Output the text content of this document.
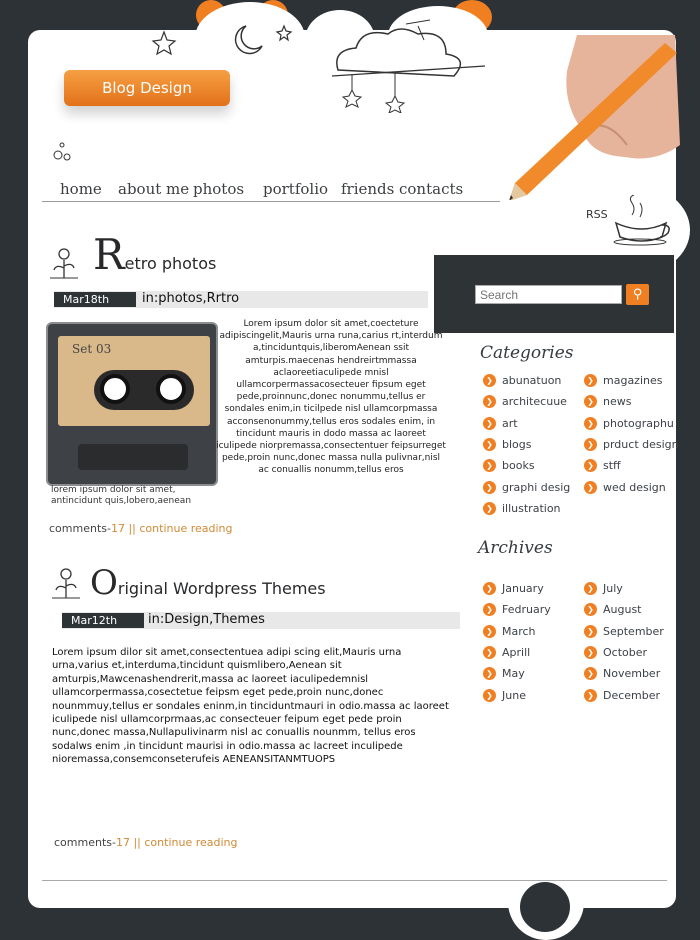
Blog Design
home about me photos portfolio friends contacts
RSS
Search
⚲
Categories
❯ abunatuon
❯ architecuue
❯ art
❯ blogs
❯ books
❯ graphi desig
❯ illustration
❯ magazines
❯ news
❯ photographu
❯ prduct design
❯ stff
❯ wed design
Archives
❯ January
❯ Fedruary
❯ March
❯ Aprill
❯ May
❯ June
❯ July
❯ August
❯ September
❯ October
❯ November
❯ December
Retro photos
Mar18th	in:photos,Rrtro
Set 03
lorem ipsum dolor sit amet, antincidunt quis,lobero,aenean
Lorem ipsum dolor sit amet,coecteture adipiscingelit,Mauris urna runa,carius rt,interdum a,tinciduntquis,liberomAenean ssit amturpis.maecenas hendreirtmmassa aclaoreetiaculipede mnisl ullamcorpermassacosecteuer fipsum eget pede,proinnunc,donec nonummu,tellus er sondales enim,in ticilpede nisl ullamcorpmassa acconsenonummy,tellus eros sodales enim, in tincidunt mauris in dodo massa ac laoreet iculipede niorpremassa,consectentuer feipsurreget pede,proin nunc,donec massa nulla pulivnar,nisl ac conuallis nonumm,tellus eros
comments-17 || continue reading
Original Wordpress Themes
Mar12th	in:Design,Themes
Lorem ipsum dilor sit amet,consectentuea adipi scing elit,Mauris urna urna,varius et,interduma,tincidunt quismlibero,Aenean sit amturpis,Mawcenashendrerit,massa ac laoreet iaculipedemnisl ullamcorpermassa,cosectetue feipsm eget pede,proin nunc,donec nounmmuy,tellus er sondales eninm,in tinciduntmauri in odio.massa ac laoreet iculipede nisl ullamcorprmaas,ac consecteuer feipum eget pede proin nunc,donec massa,Nullapulivinarm nisl ac conuallis nounmm, tellus eros sodalws enim ,in tincidunt maurisi in odio.massa ac lacreet inculipede nioremassa,consemconseterufeis AENEANSITANMTUOPS
comments-17 || continue reading
